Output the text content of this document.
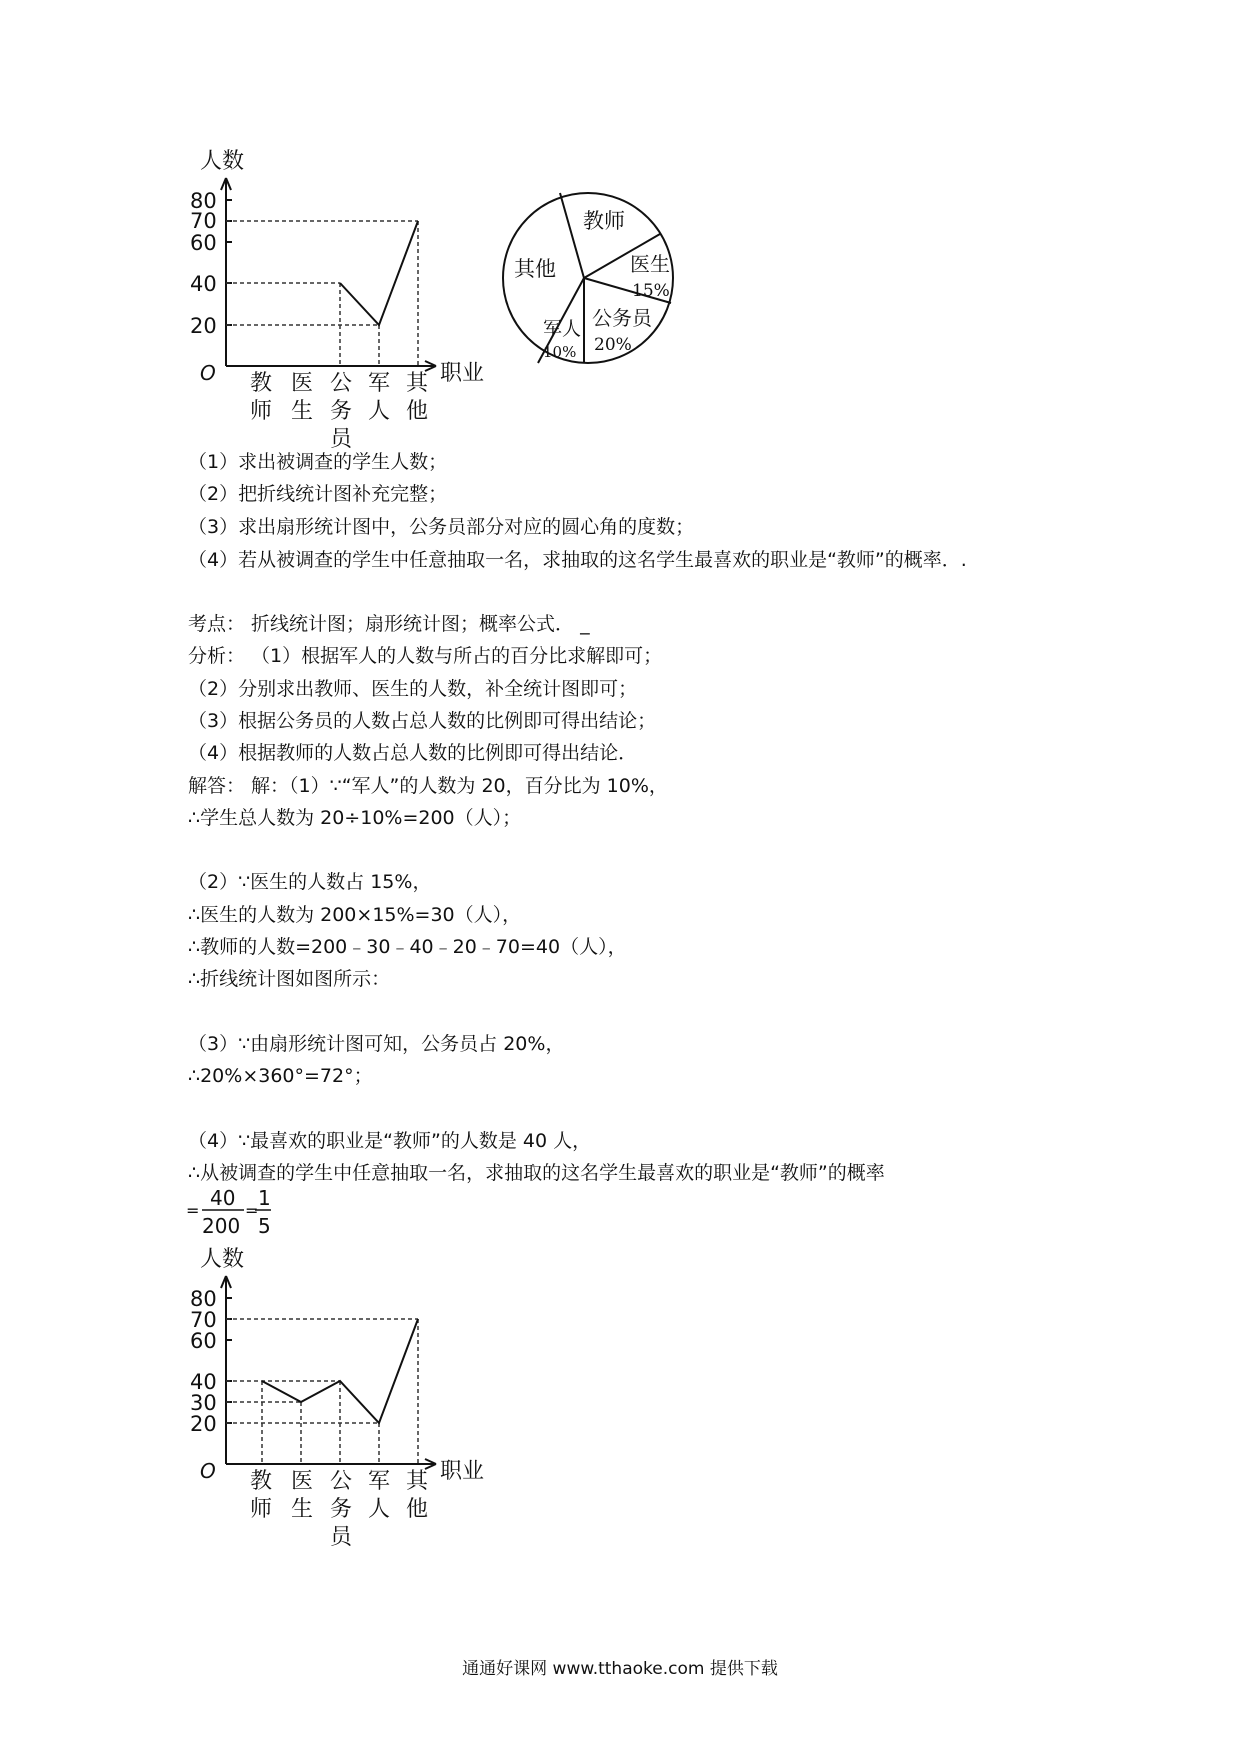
人数
职业
O
80
70
60
40
20
教
师
医
生
公
务
员
军
人
其
他
教师
其他	医生
15%
公务员
20%
军人
10%
（1）求出被调查的学生人数；
（2）把折线统计图补充完整；
（3）求出扇形统计图中，公务员部分对应的圆心角的度数；
（4）若从被调查的学生中任意抽取一名，求抽取的这名学生最喜欢的职业是“教师”的概率．.
考点： 折线统计图；扇形统计图；概率公式． _
分析： （1）根据军人的人数与所占的百分比求解即可；
（2）分别求出教师、医生的人数，补全统计图即可；
（3）根据公务员的人数占总人数的比例即可得出结论；
（4）根据教师的人数占总人数的比例即可得出结论．
解答： 解：（1）∵“军人”的人数为 20，百分比为 10%，
∴学生总人数为 20÷10%=200（人）；
（2）∵医生的人数占 15%，
∴医生的人数为 200×15%=30（人），
∴教师的人数=200﹣30﹣40﹣20﹣70=40（人），
∴折线统计图如图所示：
（3）∵由扇形统计图可知，公务员占 20%，
∴20%×360°=72°；
（4）∵最喜欢的职业是“教师”的人数是 40 人，
∴从被调查的学生中任意抽取一名，求抽取的这名学生最喜欢的职业是“教师”的概率
=
40
200
=
1
5
人数
职业
O
80
70
60
40
30
20
教
师
医
生
公
务
员
军
人
其
他
通通好课网 www.tthaoke.com 提供下载
